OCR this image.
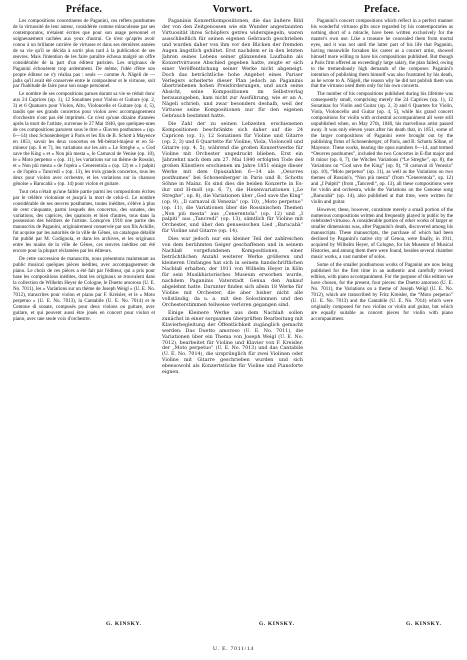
Préface.

Les compositions concertantes de Paganini, ces reflets posthumes de la virtuosité de leur auteur, considérée comme miraculeuse par ses contemporains, n'étaient écrites que pour son usage personnel et soigneusement cachées aux yeux d'autrui. Ce n'est qu'après avoir connu à un brillante carrière de virtuose et dans ses dernières années de sa vie qu'il se décida à sortir plus tard à la publication de ses œuvres. Mais l'intention de les faire paraître échoua malgré un offre considérable de la part d'un éditeur parisien. Les originaux de Paganini échouèrent trop ardemment. De même, l'idée d'être son propre éditeur ne s'y réalisa pas : seuls — comme A. Nägeli de — jadis qu'il avait été conservée entre le compositeur et le virtuose, soit par l'habitude de faire pour son usage personnel.

Le nombre de ses compositions parues durant sa vie se réduit donc aux 24 Caprices (op. 1), 12 Sonatines pour Violon et Guitare (op. 2, 3) et 6 Quatuors pour Violon, Alto, Violoncelle et Guitare (op. 4, 5), tandis que ses grands concertos pour violon avec accompagnement d'orchestre n'ont pas été imprimés. Ce n'est qu'une dizaine d'années après la mort de l'artiste, survenue le 27 Mai 1840, que quelques-unes de ces compositions parurent sous le titre « Œuvres posthumes » (op. 6—14) chez Schonenberger à Paris et les fils de B. Schott à Mayence en 1851, savoir les deux concertos en Mi-bémol-majeur et en Si-mineur (op. 6 et 7), les variations sur les airs « Le Streghe », « God save the King » et « Non più mesta », le Carnaval de Venise (op. 10), le « Moto perpetuo » (op. 11), les variations sur un thème de Rossini, et « Non più mesta » de l'opéra « Cenerentola » (op. 12) et « I palpiti » de l'opéra « Tancredi » (op. 13), les trois grands concertos, tous les deux pour violon avec orchestre, et les variations sur la chanson génoise « Barucabà » (op. 14) pour violon et guitare.

Tout cela n'était qu'une faible partie parmi les compositions écrites par le célèbre violoniste et jusqu'à la mort de celui-ci. Le nombre considérable de ses œuvres posthumes, toutes inédites, s'élève à plus de cent cinquante, parmi lesquels des concertos, des sonates, des variations, des caprices, des quatuors et bien d'autres, tous dans la possession des héritiers de l'artiste. Lorsqu'en 1910 une partie des manuscrits de Paganini, originairement conservée par son fils Achille, fut acquise par les autorités de la ville de Gênes, un catalogue détaillé fut publié par M. Codignola, et dans les archives, et les originaux entre les mains de la ville de Gênes, ces œuvres inédites ont été encore pour la plupart réclamées par les éditeurs.

De cette succession de manuscrits, nous présentons maintenant au public musical quelques pièces inédites, avec accompagnement de piano. Le choix de ces pièces a été fait par l'éditeur, qui a pris pour base les compositions inédites, dont les originaux se trouvaient dans la collection de Wilhelm Heyer de Cologne, le Duetto amoroso (U. E. No. 7011), les « Variations sur un thème de Joseph Weigl » (U. E. No. 7012), transcrites pour violon et piano par F. Kreisler, et le « Moto perpetuo » (U. E. No. 7013), la Cantabile (U. E. No. 7014) et le Centone di sonate, composés pour deux violons ou guitare, avec guitare, et qui peuvent aussi être joués en concert pour violon et piano, avec une seule voix d'orchestre.

Vorwort.

Paganinis Konzertkompositionen, die das äußere Bild der von den Zeitgenossen wie ein Wunder angestaunten Virtuosität ihres Schöpfers getreu widerspiegeln, waren ausschließlich für seinen eigenen Gebrauch geschrieben und wurden daher von ihm vor den Blicken der fremden Augen ängstlich gehütet. Erst nachdem er in den letzten Jahren seines Lebens seiner glänzenden Laufbahn als Konzertvirtuose Abschied gegeben hatte, zeigte er sich einer Veröffentlichung seiner Werke nicht abgeneigt. Doch das beträchtliche hohe Angebot eines Pariser Verlegers scheiterte dieser Plan jedoch an Paganinis übertriebenen hohen Preisforderungen, und auch seine Absicht, seine Kompositionen im Selbstverlag herauszugeben, kam nicht zur Ausführung, wie er an A. Nägeli schrieb, und zwar besonders deshalb, weil der Virtuose seine Kompositionen nur für den eigenen Gebrauch bestimmt hatte.

Die Zahl der zu seinen Lebzeiten erschienenen Kompositionen beschränkte sich daher auf die 24 Capricen (op. 1), 12 Sonatinen für Violine und Gitarre (op. 2, 3) und 6 Quartette für Violine, Viola, Violoncell und Gitarre (op. 4, 5), während die großen Konzertwerke für Violine mit Orchester ungedruckt blieben. Erst ein Jahrzehnt nach dem am 27. Mai 1840 erfolgten Tode des großen Künstlers erschienen im Jahre 1851 einige dieser Werke mit dem Opuszahlen 6—14 als „Oeuvres posthumes“ bei Schonenberger in Paris und B. Schotts Söhne in Mainz. Es sind dies die beiden Konzerte in Es-dur und H-moll (op. 6, 7), die Hexenvariationen („Le Streghe“, op. 8), die Variationen über „God save the King“ (op. 9), „Il carnaval di Venezia“ (op. 10), „Moto perpetuo“ (op. 11), die Variationen über die Rossinischen Themen „Non più mesta“ aus „Cenerentola“ (op. 12) und „I palpiti“ aus „Tancredi“ (op. 13), sämtlich für Violine mit Orchester, und über den genuesischen Lied „Barucabà“ für Violine und Gitarre (op. 14).

Dies war jedoch nur ein kleiner Teil der zahlreichen von dem berühmten Geiger geschaffenen und in seinem Nachlaß vorgefundenen Kompositionen, einer beträchtlichen Anzahl weiterer Werke größeren und kleineren Umfanges hat sich in seinem handschriftlichen Nachlaß erhalten, der 1911 von Wilhelm Heyer in Köln für sein Musikhistorisches Museum erworben wurde, nachdem Paganinis Vaterstadt Genua den Ankauf abgelehnt hatte. Darunter finden sich allein 18 Werke für Violine mit Orchester, die aber bisher nicht alle vollständig, da u. a. mit den Solostimmen und den Orchesterstimmen teilweise verloren gegangen sind.

Einige Kleinere Werke aus dem Nachlaß sollen zunächst in einer sorgsamen überprüften Bearbeitung mit Klavierbegleitung der Öffentlichkeit zugänglich gemacht werden: Das Duetto amoroso (U. E. No. 7011), die Variationen über ein Thema von Joseph Weigl (U. E. No. 7012), bearbeitet für Violine und Klavier von F. Kreisler, der „Moto perpetuo“ (U. E. No. 7013) und das Cantabile (U. E. No. 7014), die ursprünglich für zwei Violinen oder Violine mit Gitarre geschrieben wurden und sich ebensowohl als Konzertstücke für Violine und Pianoforte eignen.

Preface.

Paganini's concert compositions which reflect in a perfect manner his wonderful virtuoso gifts once regarded by his contemporaries as nothing short of a miracle, have been written exclusively for the master's own use. Like a treasure he concealed them from mortal eyes, and it was not until the latter part of his life that Paganini, having meanwhile forsaken his career as a concert artist, showed himself more willing to have his compositions published. But though a Paris firm offered an exceedingly large salary, the plan failed, owing to the tremendously high demands of the composer. Paganini's intention of publishing them himself was also frustrated by his death, as he wrote to A. Nägeli, the reason why he did not publish them was that the virtuoso used them only for his own concerts.

The number of his compositions published during his lifetime was consequently small, comprising merely the 24 Caprices (op. 1), 12 Sonatinas for Violin and Guitar (op. 2, 3) and 6 Quartets for Violin, Viola, Violoncello and Guitar (op. 4, 5), while his grand concert compositions for violin with orchestral accompaniment all were still unpublished when, on May 27th, 1840, his marvellous artist passed away. It was only eleven years after his death that, in 1851, some of the larger compositions of Paganini were brought out by the publishing firms of Schonenberger, of Paris, and B. Schotts Söhne, of Mayence. These works, bearing the opus numbers 6—14, and termed “Oeuvres posthumes”, included the two Concertos in E-flat major and B minor (op. 6, 7), the Witches Variations (“Le Streghe”, op. 8), the Variations on “God save the King” (op. 9), “Il carnaval di Venezia” (op. 10), “Moto perpetuo” (op. 11), as well as the Variations on two themes of Rossini's, “Non più mesta” (from “Cenerentola”, op. 12) and „I Palpiti“ (from „Tancredi“, op. 13), all these compositions were for violin and orchestra, while the Variations on the Genoese song „Barucabà“ (op. 14), also published at that time, were written for violin and guitar.

However, these, however, constitute merely a small portion of the numerous compositions written and frequently played in public by the celebrated virtuoso. A considerable portion of other works of larger or smaller dimensions was, after Paganini's death, discovered among his manuscripts. These manuscripts, the purchase of which had been declined by Paganini's native city of Genoa, were finally, in 1911, acquired by Wilhelm Heyer, of Cologne, for his Museum of Musical Histories, and among them there were found, besides several chamber music works, a vast number of solos.

Some of the smaller posthumous works of Paganini are now being published for the first time in an authentic and carefully revised edition, with piano accompaniment. For the purpose of this edition we have chosen, for the present, four pieces: the Duetto amoroso (U. E. No. 7011), the Variations on a theme of Joseph Weigl (U. E. No. 7012), which are transcribed by Fritz Kreisler, the “Moto perpetuo” (U. E. No. 7013) and the Cantabile (U. E. No. 7014) which were originally composed for two violins or violin and guitar, but which are equally suitable as concert pieces for violin with piano accompaniment.

G. KINSKY.	G. KINSKY.	G. KINSKY.
U. E. 7011/14
